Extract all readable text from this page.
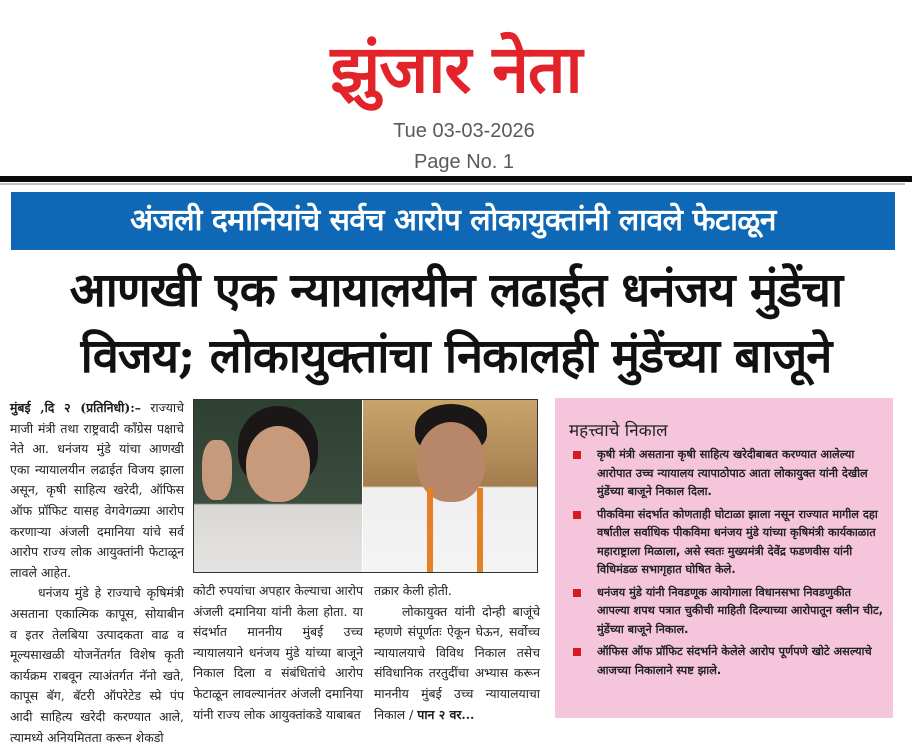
झुंजार नेता
Tue 03-03-2026
Page No. 1
अंजली दमानियांचे सर्वच आरोप लोकायुक्तांनी लावले फेटाळून
आणखी एक न्यायालयीन लढाईत धनंजय मुंडेंचा
विजय; लोकायुक्तांचा निकालही मुंडेंच्या बाजूने

मुंबई ,दि २ (प्रतिनिधी):– राज्याचे माजी मंत्री तथा राष्ट्रवादी काँग्रेस पक्षाचे नेते आ. धनंजय मुंडे यांचा आणखी एका न्यायालयीन लढाईत विजय झाला असून, कृषी साहित्य खरेदी, ऑफिस ऑफ प्रॉफिट यासह वेगवेगळ्या आरोप करणाऱ्या अंजली दमानिया यांचे सर्व आरोप राज्य लोक आयुक्तांनी फेटाळून लावले आहेत.

धनंजय मुंडे हे राज्याचे कृषिमंत्री असताना एकात्मिक कापूस, सोयाबीन व इतर तेलबिया उत्पादकता वाढ व मूल्यसाखळी योजनेंतर्गत विशेष कृती कार्यक्रम राबवून त्याअंतर्गत नॅनो खते, कापूस बॅग, बॅटरी ऑपरेटेड स्प्रे पंप आदी साहित्य खरेदी करण्यात आले, त्यामध्ये अनियमितता करून शेकडो

कोटी रुपयांचा अपहार केल्याचा आरोप अंजली दमानिया यांनी केला होता. या संदर्भात माननीय मुंबई उच्च न्यायालयाने धनंजय मुंडे यांच्या बाजूने निकाल दिला व संबंधितांचे आरोप फेटाळून लावल्यानंतर अंजली दमानिया यांनी राज्य लोक आयुक्तांकडे याबाबत

तक्रार केली होती.

लोकायुक्त यांनी दोन्ही बाजूंचे म्हणणे संपूर्णतः ऐकून घेऊन, सर्वोच्च न्यायालयाचे विविध निकाल तसेच संविधानिक तरतुदींचा अभ्यास करून माननीय मुंबई उच्च न्यायालयाचा निकाल / पान २ वर...

महत्त्वाचे निकाल
कृषी मंत्री असताना कृषी साहित्य खरेदीबाबत करण्यात आलेल्या आरोपात उच्च न्यायालय त्यापाठोपाठ आता लोकायुक्त यांनी देखील मुंडेंच्या बाजूने निकाल दिला.
पीकविमा संदर्भात कोणताही घोटाळा झाला नसून राज्यात मागील दहा वर्षातील सर्वाधिक पीकविमा धनंजय मुंडे यांच्या कृषिमंत्री कार्यकाळात महाराष्ट्राला मिळाला, असे स्वतः मुख्यमंत्री देवेंद्र फडणवीस यांनी विधिमंडळ सभागृहात घोषित केले.
धनंजय मुंडे यांनी निवडणूक आयोगाला विधानसभा निवडणुकीत आपल्या शपथ पत्रात चुकीची माहिती दिल्याच्या आरोपातून क्लीन चीट, मुंडेंच्या बाजूने निकाल.
ऑफिस ऑफ प्रॉफिट संदर्भाने केलेले आरोप पूर्णपणे खोटे असल्याचे आजच्या निकालाने स्पष्ट झाले.
